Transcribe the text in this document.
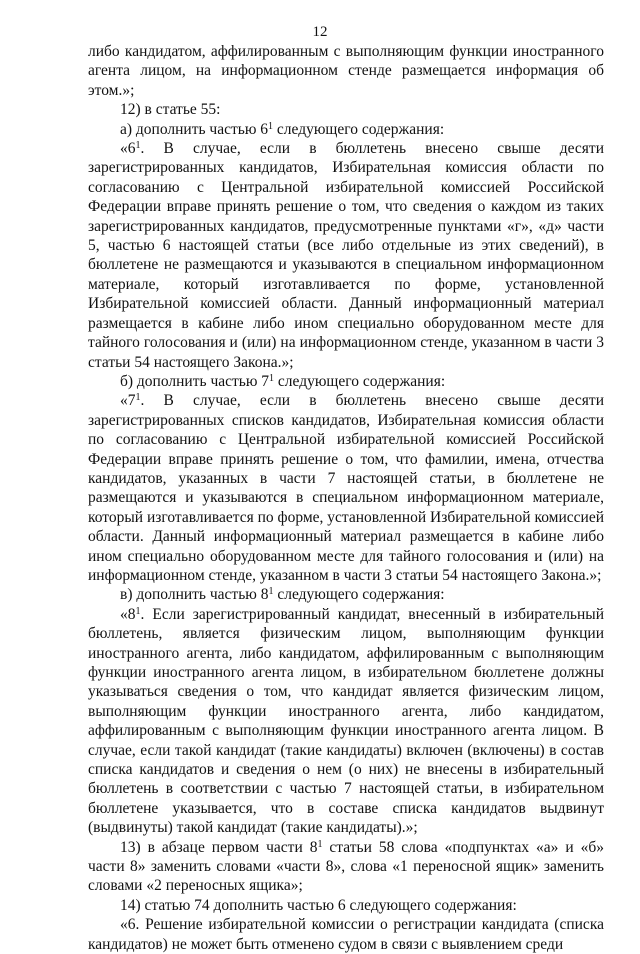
12

либо кандидатом, аффилированным с выполняющим функции иностранного агента лицом, на информационном стенде размещается информация об этом.»;

12) в статье 55:

а) дополнить частью $6^1$ следующего содержания:

«$6^1$. В случае, если в бюллетень внесено свыше десяти зарегистрированных кандидатов, Избирательная комиссия области по согласованию с Центральной избирательной комиссией Российской Федерации вправе принять решение о том, что сведения о каждом из таких зарегистрированных кандидатов, предусмотренные пунктами «г», «д» части 5, частью 6 настоящей статьи (все либо отдельные из этих сведений), в бюллетене не размещаются и указываются в специальном информационном материале, который изготавливается по форме, установленной Избирательной комиссией области. Данный информационный материал размещается в кабине либо ином специально оборудованном месте для тайного голосования и (или) на информационном стенде, указанном в части 3 статьи 54 настоящего Закона.»;

б) дополнить частью $7^1$ следующего содержания:

«$7^1$. В случае, если в бюллетень внесено свыше десяти зарегистрированных списков кандидатов, Избирательная комиссия области по согласованию с Центральной избирательной комиссией Российской Федерации вправе принять решение о том, что фамилии, имена, отчества кандидатов, указанных в части 7 настоящей статьи, в бюллетене не размещаются и указываются в специальном информационном материале, который изготавливается по форме, установленной Избирательной комиссией области. Данный информационный материал размещается в кабине либо ином специально оборудованном месте для тайного голосования и (или) на информационном стенде, указанном в части 3 статьи 54 настоящего Закона.»;

в) дополнить частью $8^1$ следующего содержания:

«$8^1$. Если зарегистрированный кандидат, внесенный в избирательный бюллетень, является физическим лицом, выполняющим функции иностранного агента, либо кандидатом, аффилированным с выполняющим функции иностранного агента лицом, в избирательном бюллетене должны указываться сведения о том, что кандидат является физическим лицом, выполняющим функции иностранного агента, либо кандидатом, аффилированным с выполняющим функции иностранного агента лицом. В случае, если такой кандидат (такие кандидаты) включен (включены) в состав списка кандидатов и сведения о нем (о них) не внесены в избирательный бюллетень в соответствии с частью 7 настоящей статьи, в избирательном бюллетене указывается, что в составе списка кандидатов выдвинут (выдвинуты) такой кандидат (такие кандидаты).»;

13) в абзаце первом части $8^1$ статьи 58 слова «подпунктах «а» и «б» части 8» заменить словами «части 8», слова «1 переносной ящик» заменить словами «2 переносных ящика»;

14) статью 74 дополнить частью 6 следующего содержания:

«6. Решение избирательной комиссии о регистрации кандидата (списка кандидатов) не может быть отменено судом в связи с выявлением среди
